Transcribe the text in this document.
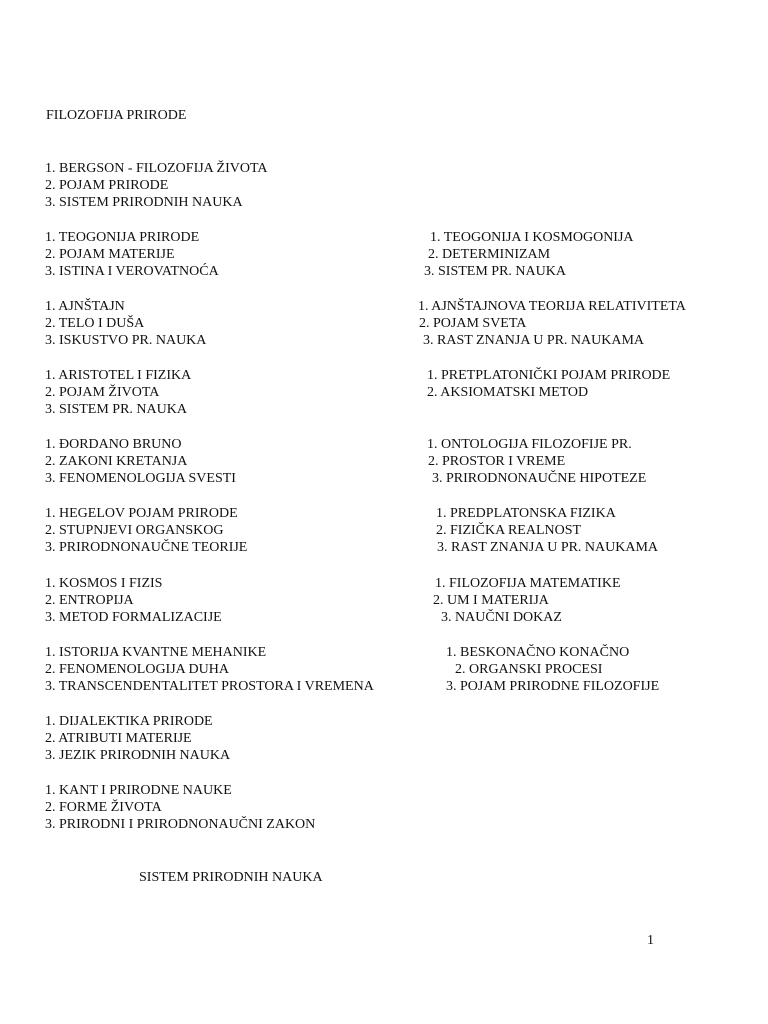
FILOZOFIJA PRIRODE
1. BERGSON - FILOZOFIJA ŽIVOTA
2. POJAM PRIRODE
3. SISTEM PRIRODNIH NAUKA
1. TEOGONIJA PRIRODE	1. TEOGONIJA I KOSMOGONIJA
2. POJAM MATERIJE	2. DETERMINIZAM
3. ISTINA I VEROVATNOĆA	3. SISTEM PR. NAUKA
1. AJNŠTAJN	1. AJNŠTAJNOVA TEORIJA RELATIVITETA
2. TELO I DUŠA	2. POJAM SVETA
3. ISKUSTVO PR. NAUKA	3. RAST ZNANJA U PR. NAUKAMA
1. ARISTOTEL I FIZIKA	1. PRETPLATONIČKI POJAM PRIRODE
2. POJAM ŽIVOTA	2. AKSIOMATSKI METOD
3. SISTEM PR. NAUKA
1. ĐORDANO BRUNO	1. ONTOLOGIJA FILOZOFIJE PR.
2. ZAKONI KRETANJA	2. PROSTOR I VREME
3. FENOMENOLOGIJA SVESTI	3. PRIRODNONAUČNE HIPOTEZE
1. HEGELOV POJAM PRIRODE	1. PREDPLATONSKA FIZIKA
2. STUPNJEVI ORGANSKOG	2. FIZIČKA REALNOST
3. PRIRODNONAUČNE TEORIJE	3. RAST ZNANJA U PR. NAUKAMA
1. KOSMOS I FIZIS	1. FILOZOFIJA MATEMATIKE
2. ENTROPIJA	2. UM I MATERIJA
3. METOD FORMALIZACIJE	3. NAUČNI DOKAZ
1. ISTORIJA KVANTNE MEHANIKE	1. BESKONAČNO KONAČNO
2. FENOMENOLOGIJA DUHA	2. ORGANSKI PROCESI
3. TRANSCENDENTALITET PROSTORA I VREMENA	3. POJAM PRIRODNE FILOZOFIJE
1. DIJALEKTIKA PRIRODE
2. ATRIBUTI MATERIJE
3. JEZIK PRIRODNIH NAUKA
1. KANT I PRIRODNE NAUKE
2. FORME ŽIVOTA
3. PRIRODNI I PRIRODNONAUČNI ZAKON
SISTEM PRIRODNIH NAUKA
1
